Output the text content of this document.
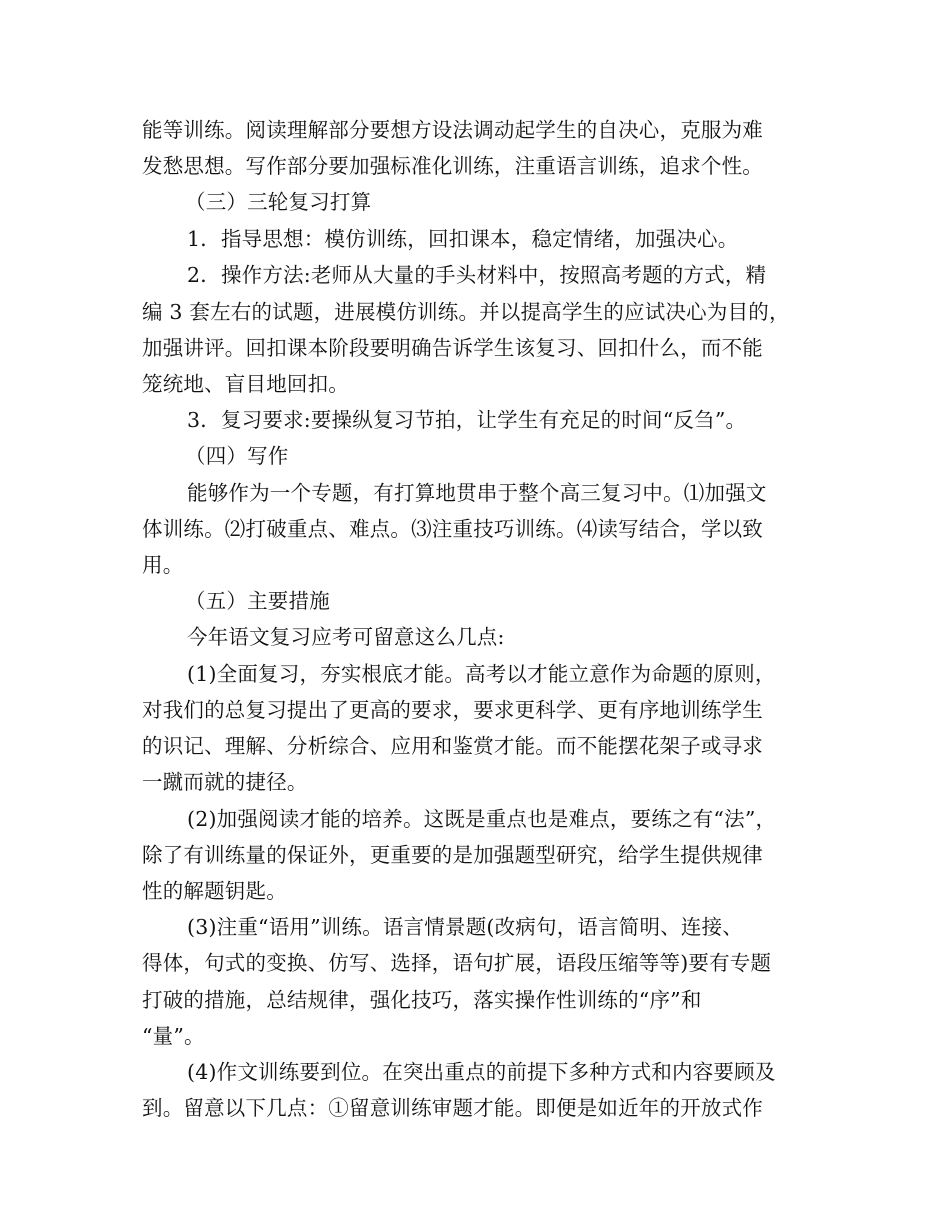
能等训练。阅读理解部分要想方设法调动起学生的自决心，克服为难
发愁思想。写作部分要加强标准化训练，注重语言训练，追求个性。
（三）三轮复习打算
1．指导思想：模仿训练，回扣课本，稳定情绪，加强决心。
2．操作方法:老师从大量的手头材料中，按照高考题的方式，精
编 3 套左右的试题，进展模仿训练。并以提高学生的应试决心为目的，
加强讲评。回扣课本阶段要明确告诉学生该复习、回扣什么，而不能
笼统地、盲目地回扣。
3．复习要求:要操纵复习节拍，让学生有充足的时间“反刍”。
（四）写作
能够作为一个专题，有打算地贯串于整个高三复习中。⑴加强文
体训练。⑵打破重点、难点。⑶注重技巧训练。⑷读写结合，学以致
用。
（五）主要措施
今年语文复习应考可留意这么几点:
(1)全面复习，夯实根底才能。高考以才能立意作为命题的原则，
对我们的总复习提出了更高的要求，要求更科学、更有序地训练学生
的识记、理解、分析综合、应用和鉴赏才能。而不能摆花架子或寻求
一蹴而就的捷径。
(2)加强阅读才能的培养。这既是重点也是难点，要练之有“法”，
除了有训练量的保证外，更重要的是加强题型研究，给学生提供规律
性的解题钥匙。
(3)注重“语用”训练。语言情景题(改病句，语言简明、连接、
得体，句式的变换、仿写、选择，语句扩展，语段压缩等等)要有专题
打破的措施，总结规律，强化技巧，落实操作性训练的“序”和
“量”。
(4)作文训练要到位。在突出重点的前提下多种方式和内容要顾及
到。留意以下几点：①留意训练审题才能。即便是如近年的开放式作
